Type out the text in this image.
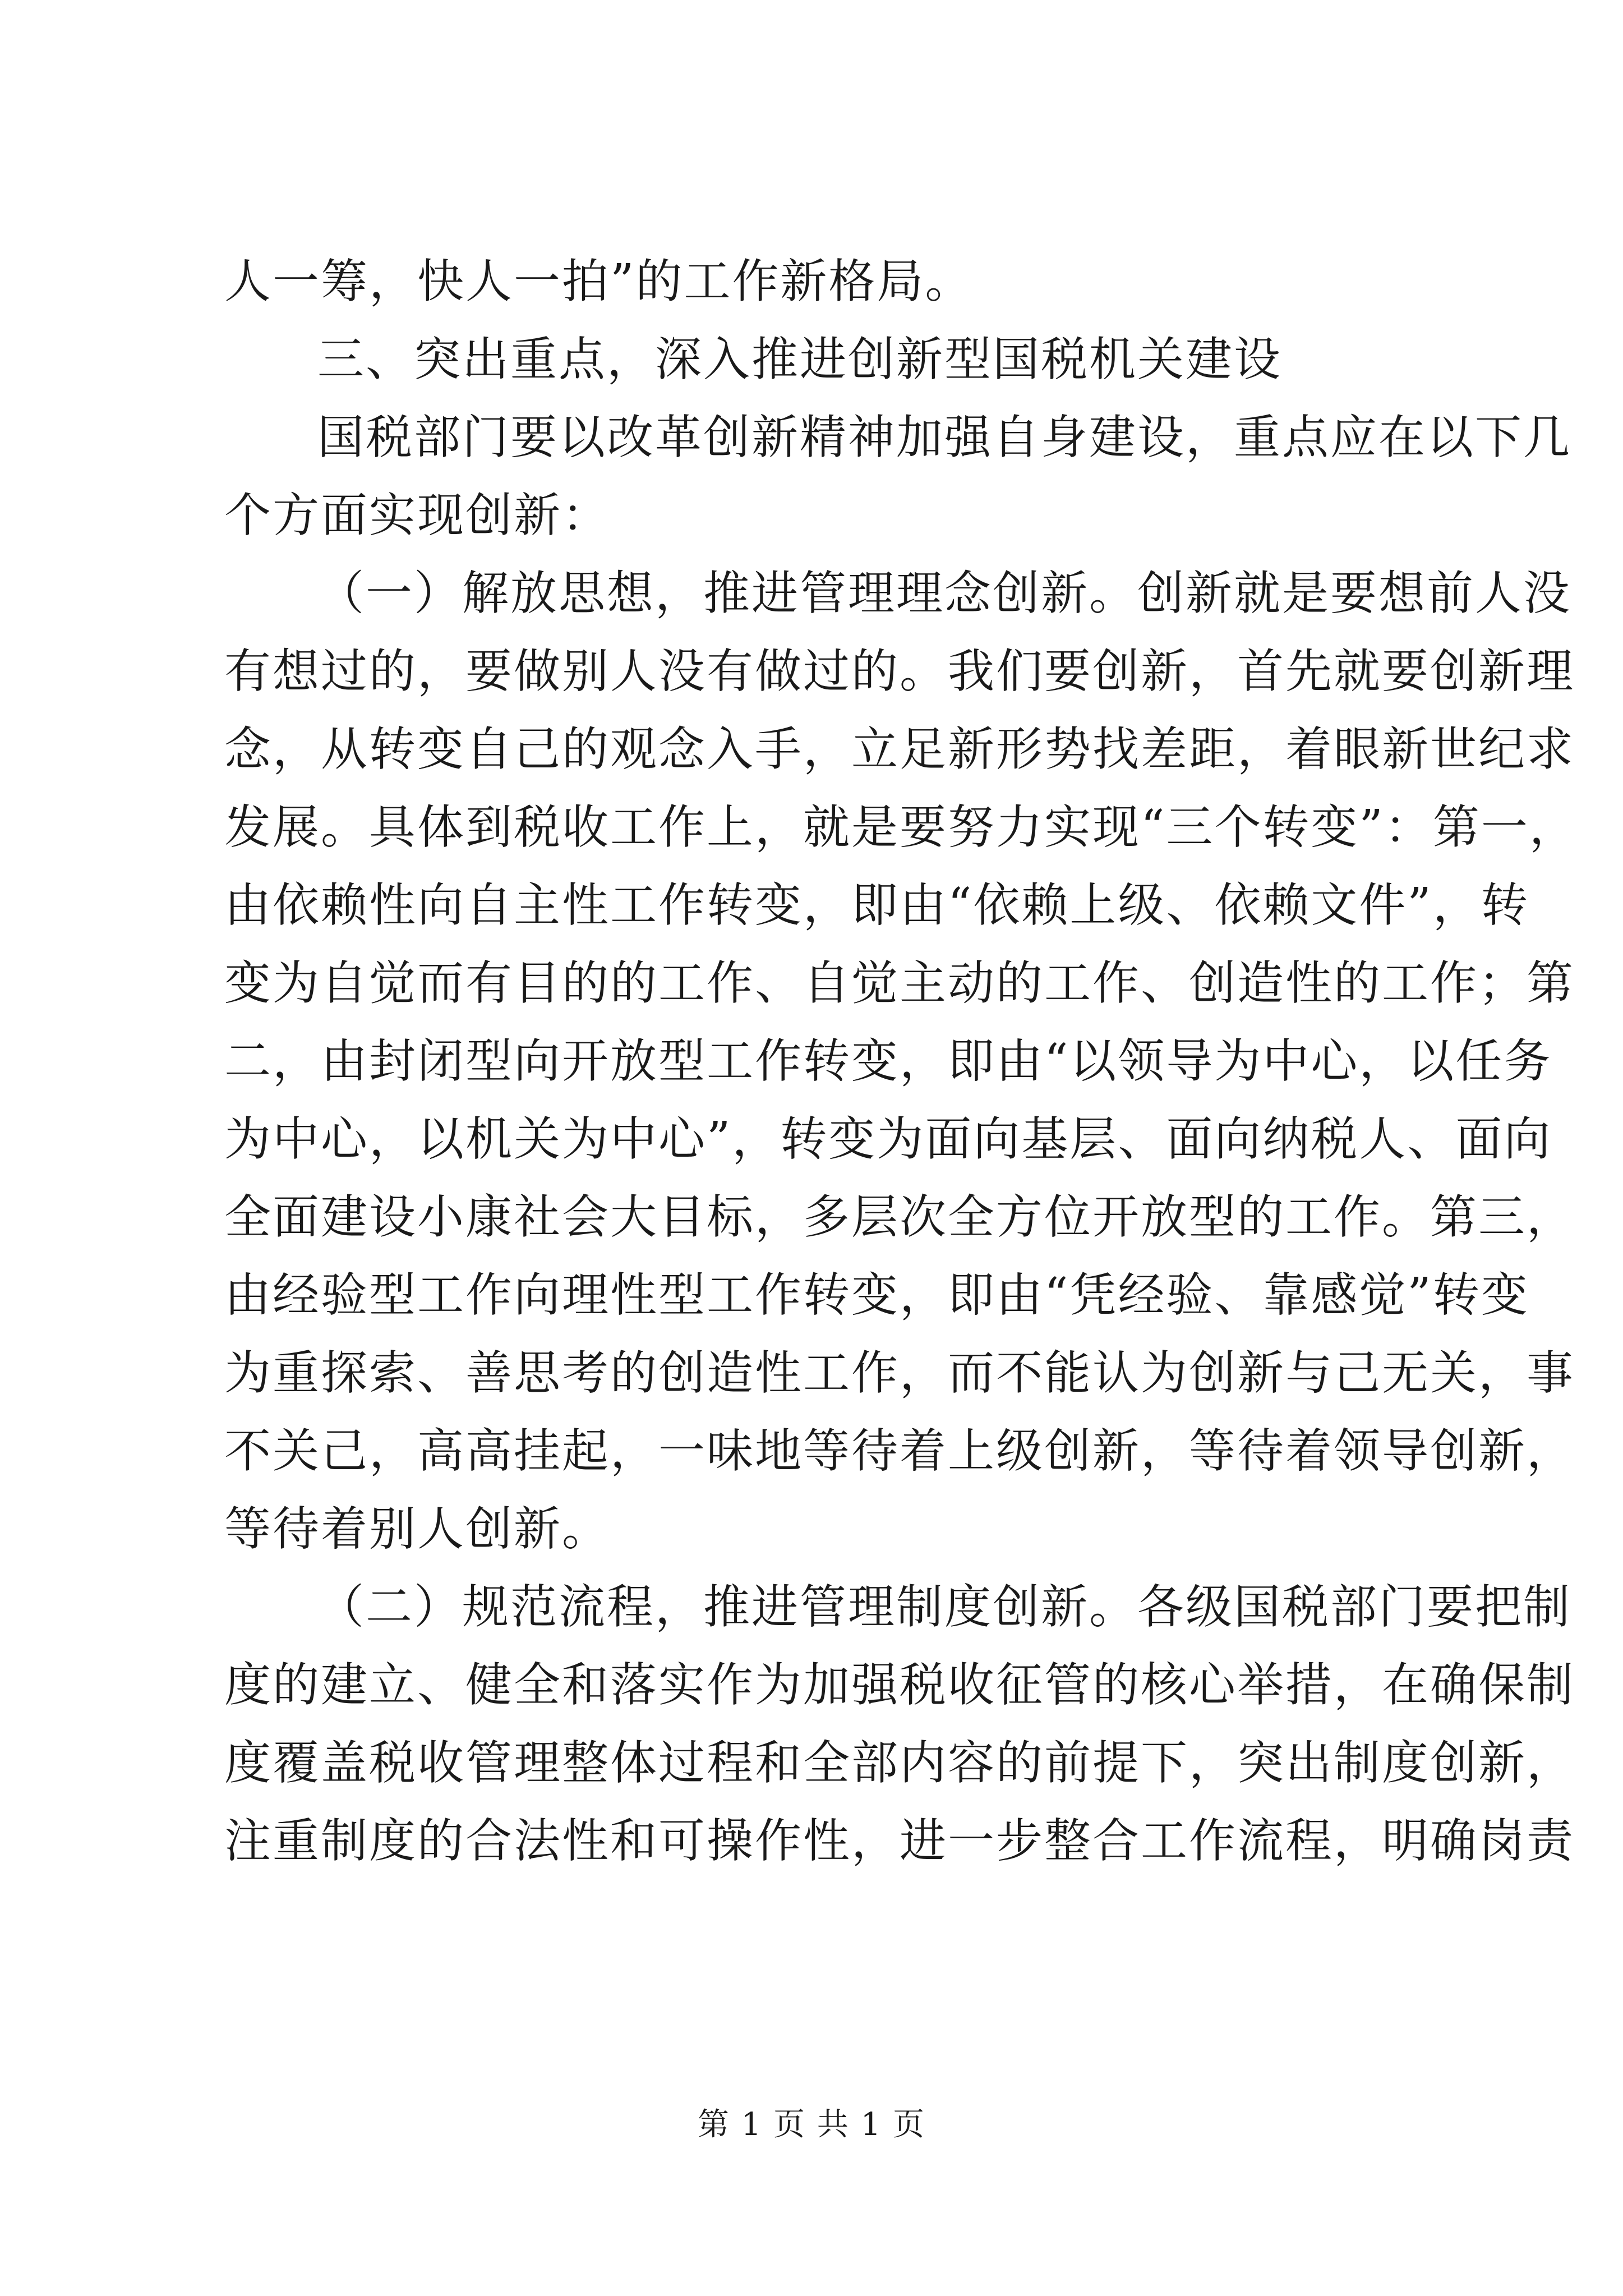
人一筹，快人一拍”的工作新格局。
三、突出重点，深入推进创新型国税机关建设
国税部门要以改革创新精神加强自身建设，重点应在以下几
个方面实现创新：
（一）解放思想，推进管理理念创新。创新就是要想前人没
有想过的，要做别人没有做过的。我们要创新，首先就要创新理
念，从转变自己的观念入手，立足新形势找差距，着眼新世纪求
发展。具体到税收工作上，就是要努力实现“三个转变”：第一，
由依赖性向自主性工作转变，即由“依赖上级、依赖文件”，转
变为自觉而有目的的工作、自觉主动的工作、创造性的工作；第
二，由封闭型向开放型工作转变，即由“以领导为中心，以任务
为中心，以机关为中心”，转变为面向基层、面向纳税人、面向
全面建设小康社会大目标，多层次全方位开放型的工作。第三，
由经验型工作向理性型工作转变，即由“凭经验、靠感觉”转变
为重探索、善思考的创造性工作，而不能认为创新与己无关，事
不关己，高高挂起，一味地等待着上级创新，等待着领导创新，
等待着别人创新。
（二）规范流程，推进管理制度创新。各级国税部门要把制
度的建立、健全和落实作为加强税收征管的核心举措，在确保制
度覆盖税收管理整体过程和全部内容的前提下，突出制度创新，
注重制度的合法性和可操作性，进一步整合工作流程，明确岗责
第 1 页 共 1 页
